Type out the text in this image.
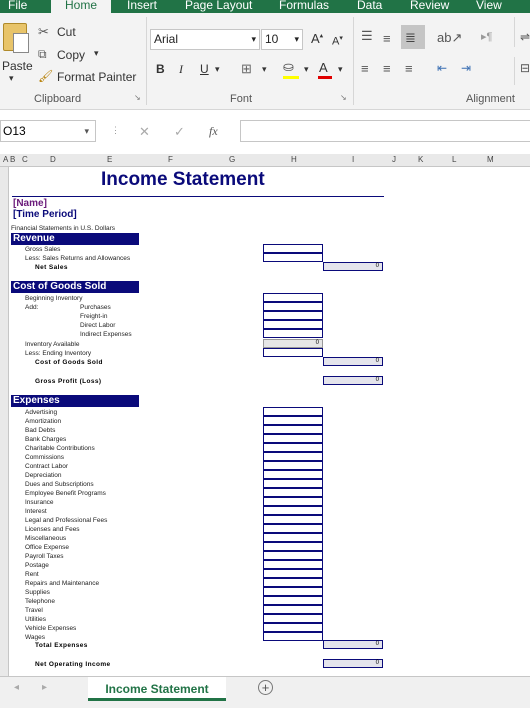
File	Home	Insert Page Layout Formulas Data Review View
Paste
▾
✂ Cut
⧉ Copy ▾
🖌 Format Painter
Clipboard	↘
Arial	▾ 10 ▾ A▴ A▾
B I U ▾ ⊞ ▾ ⛀ ▾ A ▾
Font	↘
☰ ≡ ≣ ab↗ ▸¶ ⇌
≡ ≡ ≡ ⇤ ⇥	⊟
Alignment
O13	▾ ⋮ ✕ ✓ fx
A B C	D	E	F	G	H	I	J	K	L	M
Income Statement
[Name]
[Time Period]
Financial Statements in U.S. Dollars
Revenue
Gross Sales
Less: Sales Returns and Allowances
Net Sales	0
Cost of Goods Sold
Beginning Inventory
Add:	Purchases
Freight-in
Direct Labor
Indirect Expenses
Inventory Available	0
Less: Ending Inventory
Cost of Goods Sold	0
Gross Profit (Loss)	0
Expenses
Advertising
Amortization
Bad Debts
Bank Charges
Charitable Contributions
Commissions
Contract Labor
Depreciation
Dues and Subscriptions
Employee Benefit Programs
Insurance
Interest
Legal and Professional Fees
Licenses and Fees
Miscellaneous
Office Expense
Payroll Taxes
Postage
Rent
Repairs and Maintenance
Supplies
Telephone
Travel
Utilities
Vehicle Expenses
Wages
Total Expenses	0
Net Operating Income	0
◂ ▸	Income Statement	+
